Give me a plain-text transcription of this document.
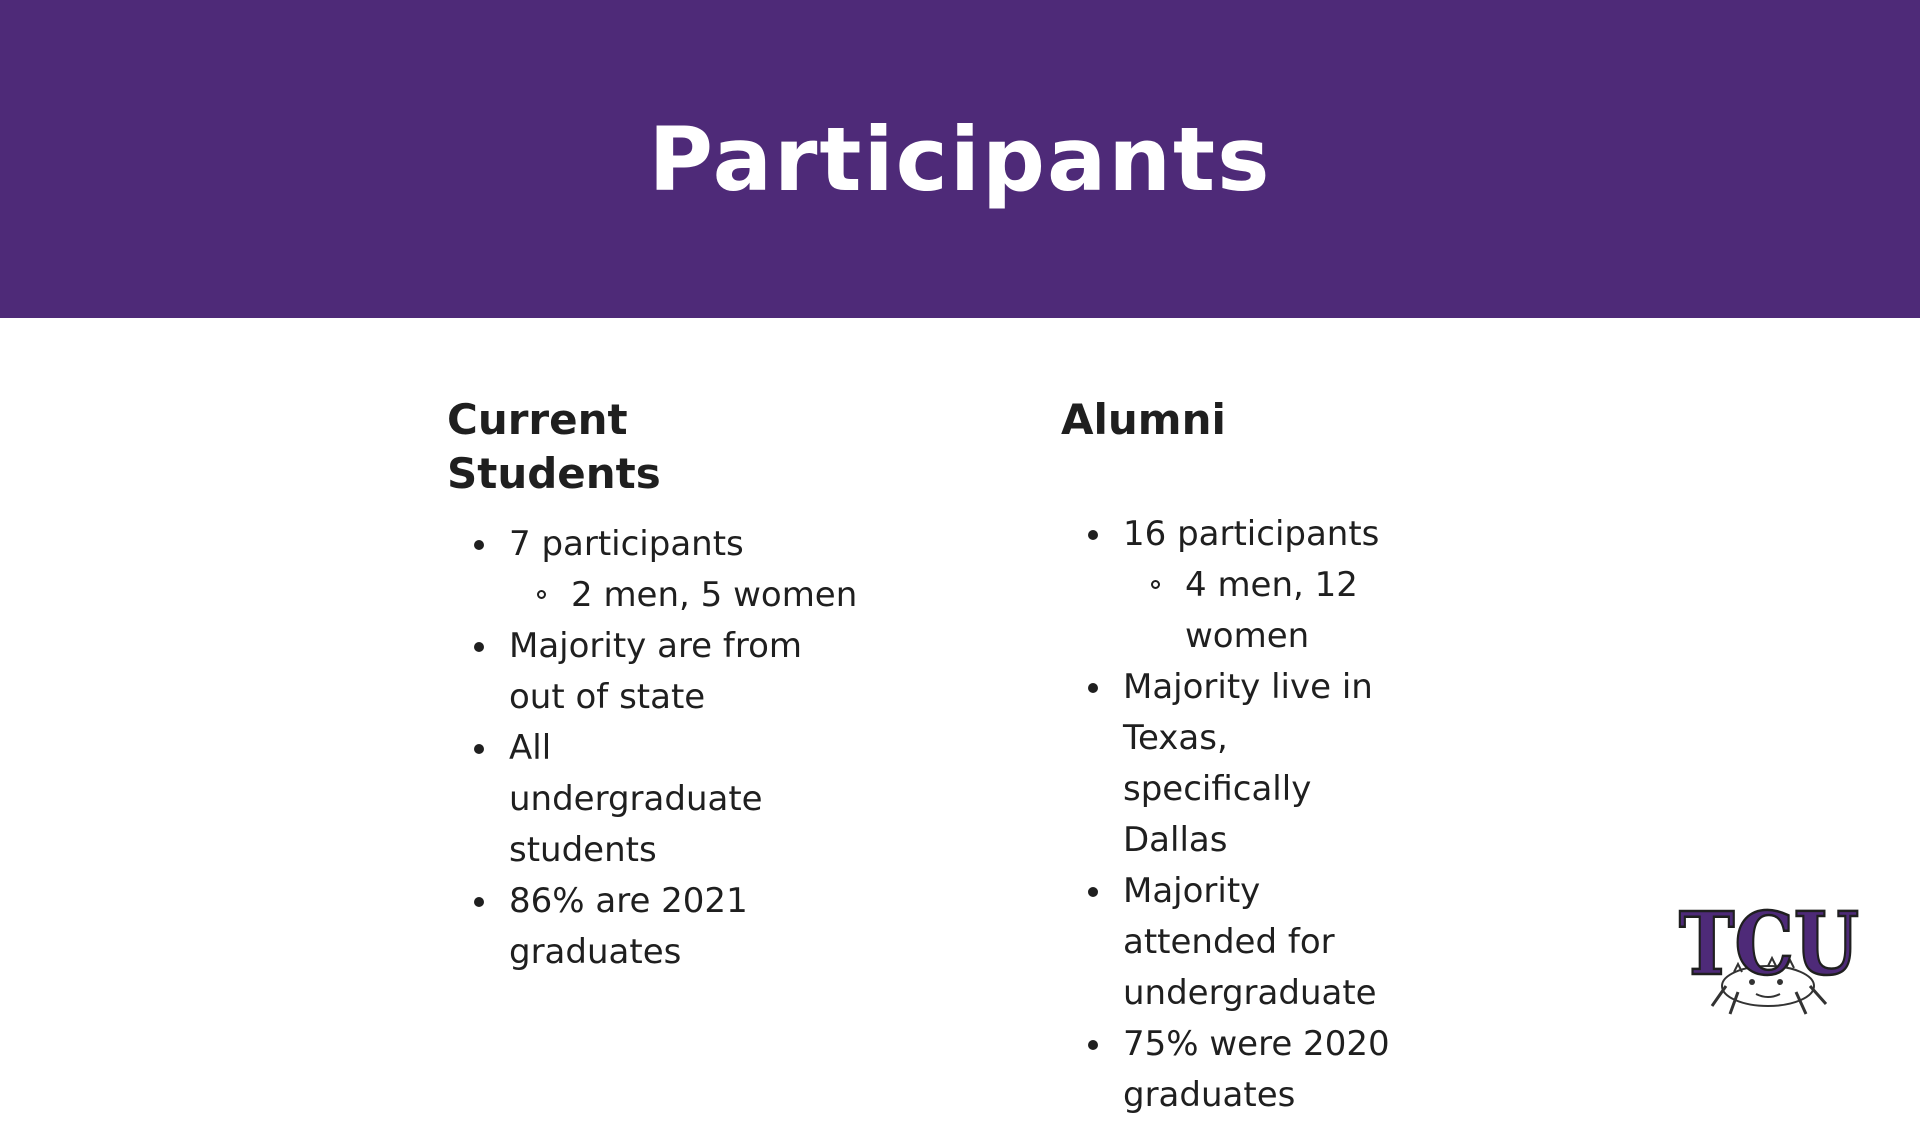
Participants
Current Students
7 participants
2 men, 5 women
Majority are from out of state
All undergraduate students
86% are 2021 graduates
Alumni
16 participants
4 men, 12 women
Majority live in Texas, specifically Dallas
Majority attended for undergraduate
75% were 2020 graduates
TCU
